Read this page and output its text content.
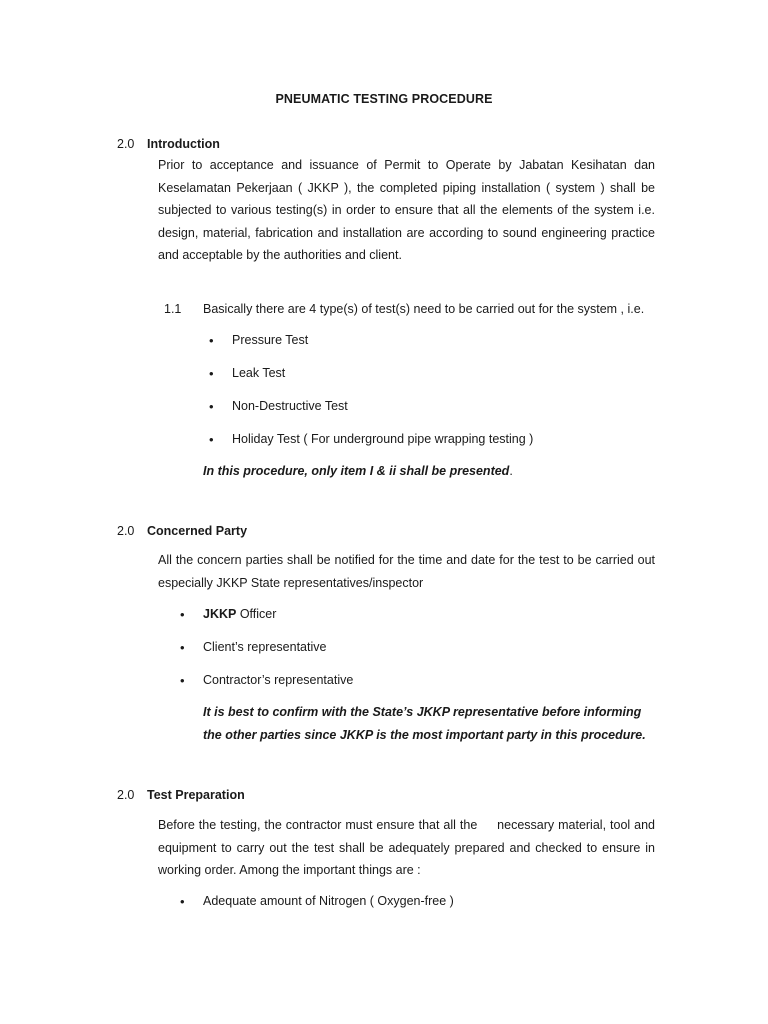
PNEUMATIC TESTING PROCEDURE
2.0 Introduction
Prior to acceptance and issuance of Permit to Operate by Jabatan Kesihatan dan
Keselamatan Pekerjaan ( JKKP ), the completed piping installation ( system ) shall be
subjected to various testing(s) in order to ensure that all the elements of the system i.e.
design, material, fabrication and installation are according to sound engineering practice
and acceptable by the authorities and client.
1.1 Basically there are 4 type(s) of test(s) need to be carried out for the system , i.e.
• Pressure Test
• Leak Test
• Non-Destructive Test
• Holiday Test ( For underground pipe wrapping testing )
In this procedure, only item I & ii shall be presented.
2.0 Concerned Party
All the concern parties shall be notified for the time and date for the test to be carried out
especially JKKP State representatives/inspector
• JKKP Officer
• Client’s representative
• Contractor’s representative
It is best to confirm with the State’s JKKP representative before informing
the other parties since JKKP is the most important party in this procedure.
2.0 Test Preparation
Before the testing, the contractor must ensure that all the     necessary material, tool and
equipment to carry out the test shall be adequately prepared and checked to ensure in
working order. Among the important things are :
• Adequate amount of Nitrogen ( Oxygen-free )
